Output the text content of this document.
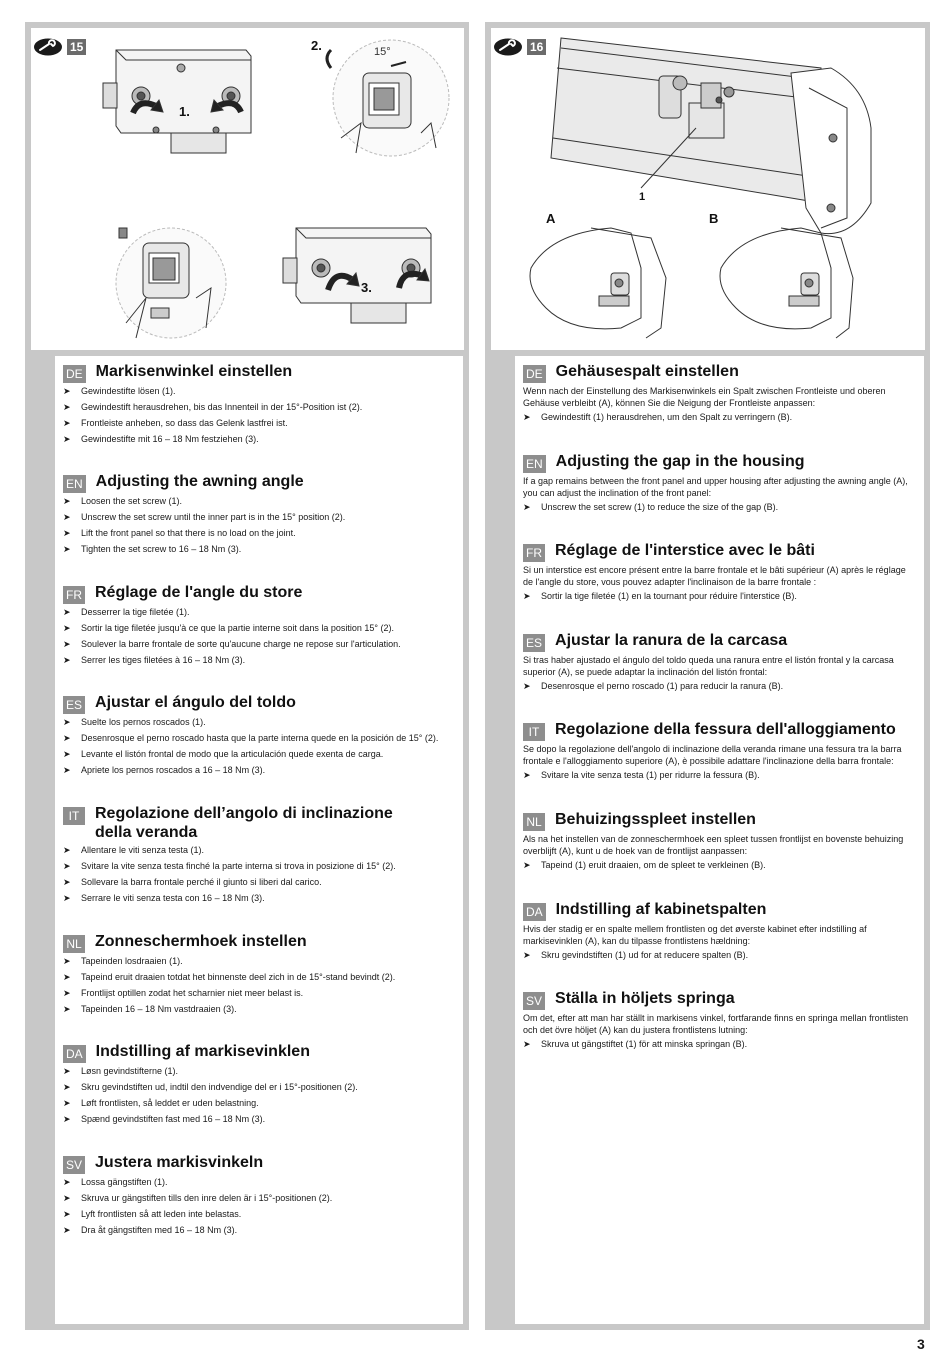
15
1.
2.
3.
15°
DE Markisenwinkel einstellen
➤ Gewindestifte lösen (1).
➤ Gewindestift herausdrehen, bis das Innenteil in der 15°-Position ist (2).
➤ Frontleiste anheben, so dass das Gelenk lastfrei ist.
➤ Gewindestifte mit 16 – 18 Nm festziehen (3).
EN Adjusting the awning angle
➤ Loosen the set screw (1).
➤ Unscrew the set screw until the inner part is in the 15° position (2).
➤ Lift the front panel so that there is no load on the joint.
➤ Tighten the set screw to 16 – 18 Nm (3).
FR Réglage de l'angle du store
➤ Desserrer la tige filetée (1).
➤ Sortir la tige filetée jusqu'à ce que la partie interne soit dans la position 15° (2).
➤ Soulever la barre frontale de sorte qu'aucune charge ne repose sur l'articulation.
➤ Serrer les tiges filetées à 16 – 18 Nm (3).
ES Ajustar el ángulo del toldo
➤ Suelte los pernos roscados (1).
➤ Desenrosque el perno roscado hasta que la parte interna quede en la posición de 15° (2).
➤ Levante el listón frontal de modo que la articulación quede exenta de carga.
➤ Apriete los pernos roscados a 16 – 18 Nm (3).
IT Regolazione dell’angolo di inclinazione della veranda
➤ Allentare le viti senza testa (1).
➤ Svitare la vite senza testa finché la parte interna si trova in posizione di 15° (2).
➤ Sollevare la barra frontale perché il giunto si liberi dal carico.
➤ Serrare le viti senza testa con 16 – 18 Nm (3).
NL Zonneschermhoek instellen
➤ Tapeinden losdraaien (1).
➤ Tapeind eruit draaien totdat het binnenste deel zich in de 15°-stand bevindt (2).
➤ Frontlijst optillen zodat het scharnier niet meer belast is.
➤ Tapeinden 16 – 18 Nm vastdraaien (3).
DA Indstilling af markisevinklen
➤ Løsn gevindstifterne (1).
➤ Skru gevindstiften ud, indtil den indvendige del er i 15°-positionen (2).
➤ Løft frontlisten, så leddet er uden belastning.
➤ Spænd gevindstiften fast med 16 – 18 Nm (3).
SV Justera markisvinkeln
➤ Lossa gängstiften (1).
➤ Skruva ur gängstiften tills den inre delen är i 15°-positionen (2).
➤ Lyft frontlisten så att leden inte belastas.
➤ Dra åt gängstiften med 16 – 18 Nm (3).
16
1
A	B
DE Gehäusespalt einstellen

Wenn nach der Einstellung des Markisenwinkels ein Spalt zwischen Frontleiste und oberen Gehäuse verbleibt (A), können Sie die Neigung der Frontleiste anpassen:

➤ Gewindestift (1) herausdrehen, um den Spalt zu verringern (B).
EN Adjusting the gap in the housing

If a gap remains between the front panel and upper housing after adjusting the awning angle (A), you can adjust the inclination of the front panel:

➤ Unscrew the set screw (1) to reduce the size of the gap (B).
FR Réglage de l'interstice avec le bâti

Si un interstice est encore présent entre la barre frontale et le bâti supérieur (A) après le réglage de l'angle du store, vous pouvez adapter l'inclinaison de la barre frontale :

➤ Sortir la tige filetée (1) en la tournant pour réduire l'interstice (B).
ES Ajustar la ranura de la carcasa

Si tras haber ajustado el ángulo del toldo queda una ranura entre el listón frontal y la carcasa superior (A), se puede adaptar la inclinación del listón frontal:

➤ Desenrosque el perno roscado (1) para reducir la ranura (B).
IT Regolazione della fessura dell'alloggiamento

Se dopo la regolazione dell'angolo di inclinazione della veranda rimane una fessura tra la barra frontale e l'alloggiamento superiore (A), è possibile adattare l'inclinazione della barra frontale:

➤ Svitare la vite senza testa (1) per ridurre la fessura (B).
NL Behuizingsspleet instellen

Als na het instellen van de zonneschermhoek een spleet tussen frontlijst en bovenste behuizing overblijft (A), kunt u de hoek van de frontlijst aanpassen:

➤ Tapeind (1) eruit draaien, om de spleet te verkleinen (B).
DA Indstilling af kabinetspalten

Hvis der stadig er en spalte mellem frontlisten og det øverste kabinet efter indstilling af markisevinklen (A), kan du tilpasse frontlistens hældning:

➤ Skru gevindstiften (1) ud for at reducere spalten (B).
SV Ställa in höljets springa

Om det, efter att man har ställt in markisens vinkel, fortfarande finns en springa mellan frontlisten och det övre höljet (A) kan du justera frontlistens lutning:

➤ Skruva ut gängstiftet (1) för att minska springan (B).
3
